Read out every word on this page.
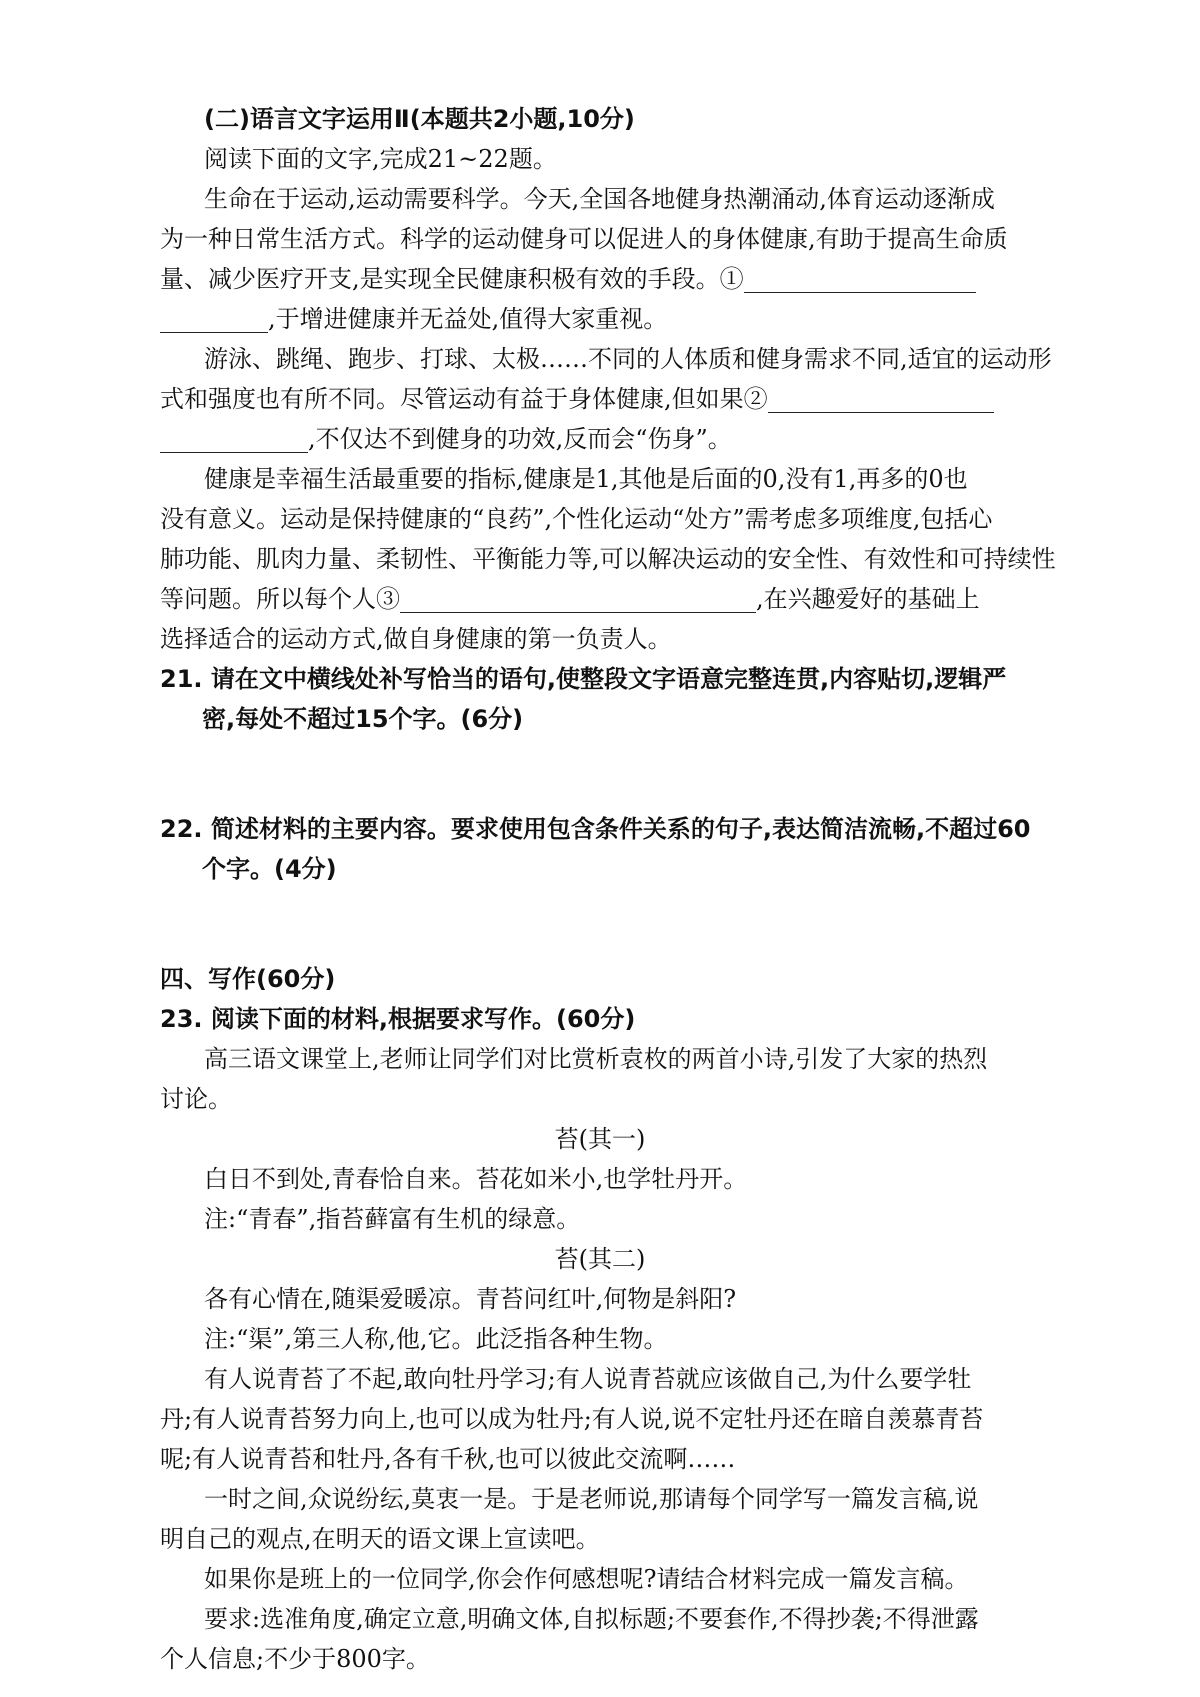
(二)语言文字运用Ⅱ(本题共2小题,10分)
阅读下面的文字,完成21~22题。
生命在于运动,运动需要科学。今天,全国各地健身热潮涌动,体育运动逐渐成
为一种日常生活方式。科学的运动健身可以促进人的身体健康,有助于提高生命质
量、减少医疗开支,是实现全民健康积极有效的手段。①
,于增进健康并无益处,值得大家重视。
游泳、跳绳、跑步、打球、太极……不同的人体质和健身需求不同,适宜的运动形
式和强度也有所不同。尽管运动有益于身体健康,但如果②
,不仅达不到健身的功效,反而会“伤身”。
健康是幸福生活最重要的指标,健康是1,其他是后面的0,没有1,再多的0也
没有意义。运动是保持健康的“良药”,个性化运动“处方”需考虑多项维度,包括心
肺功能、肌肉力量、柔韧性、平衡能力等,可以解决运动的安全性、有效性和可持续性
等问题。所以每个人③	,在兴趣爱好的基础上
选择适合的运动方式,做自身健康的第一负责人。
21. 请在文中横线处补写恰当的语句,使整段文字语意完整连贯,内容贴切,逻辑严
密,每处不超过15个字。(6分)
22. 简述材料的主要内容。要求使用包含条件关系的句子,表达简洁流畅,不超过60
个字。(4分)
四、写作(60分)
23. 阅读下面的材料,根据要求写作。(60分)
高三语文课堂上,老师让同学们对比赏析袁枚的两首小诗,引发了大家的热烈
讨论。
苔(其一)
白日不到处,青春恰自来。苔花如米小,也学牡丹开。
注:“青春”,指苔藓富有生机的绿意。
苔(其二)
各有心情在,随渠爱暖凉。青苔问红叶,何物是斜阳?
注:“渠”,第三人称,他,它。此泛指各种生物。
有人说青苔了不起,敢向牡丹学习;有人说青苔就应该做自己,为什么要学牡
丹;有人说青苔努力向上,也可以成为牡丹;有人说,说不定牡丹还在暗自羡慕青苔
呢;有人说青苔和牡丹,各有千秋,也可以彼此交流啊……
一时之间,众说纷纭,莫衷一是。于是老师说,那请每个同学写一篇发言稿,说
明自己的观点,在明天的语文课上宣读吧。
如果你是班上的一位同学,你会作何感想呢?请结合材料完成一篇发言稿。
要求:选准角度,确定立意,明确文体,自拟标题;不要套作,不得抄袭;不得泄露
个人信息;不少于800字。
